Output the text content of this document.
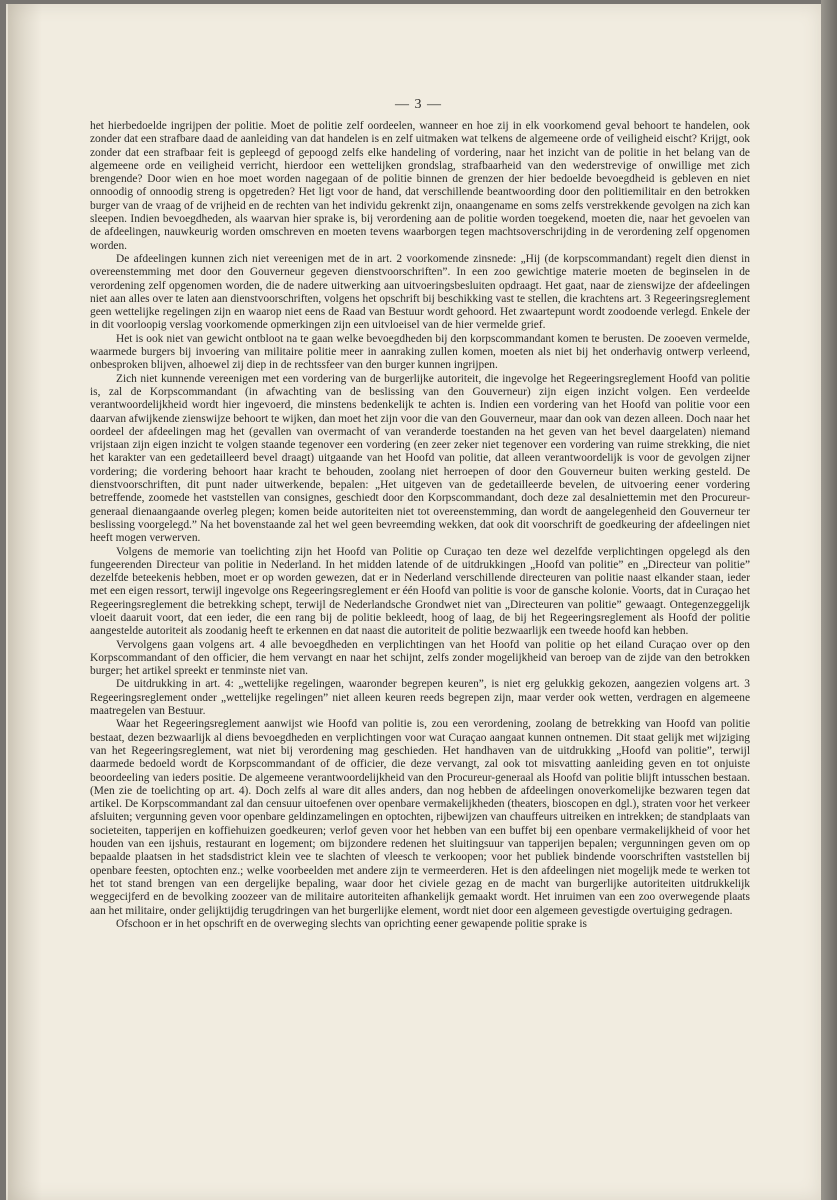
— 3 —

het hierbedoelde ingrijpen der politie. Moet de politie zelf oordeelen, wanneer en hoe zij in elk voorkomend geval behoort te handelen, ook zonder dat een strafbare daad de aanleiding van dat handelen is en zelf uitmaken wat telkens de algemeene orde of veiligheid eischt? Krijgt, ook zonder dat een strafbaar feit is gepleegd of gepoogd zelfs elke handeling of vordering, naar het inzicht van de politie in het belang van de algemeene orde en veiligheid verricht, hierdoor een wettelijken grondslag, strafbaarheid van den wederstrevige of onwillige met zich brengende? Door wien en hoe moet worden nagegaan of de politie binnen de grenzen der hier bedoelde bevoegdheid is gebleven en niet onnoodig of onnoodig streng is opgetreden? Het ligt voor de hand, dat verschillende beantwoording door den politiemilitair en den betrokken burger van de vraag of de vrijheid en de rechten van het individu gekrenkt zijn, onaangename en soms zelfs verstrekkende gevolgen na zich kan sleepen. Indien bevoegdheden, als waarvan hier sprake is, bij verordening aan de politie worden toegekend, moeten die, naar het gevoelen van de afdeelingen, nauwkeurig worden omschreven en moeten tevens waarborgen tegen machtsoverschrijding in de verordening zelf opgenomen worden.

De afdeelingen kunnen zich niet vereenigen met de in art. 2 voorkomende zinsnede: „Hij (de korpscommandant) regelt dien dienst in overeenstemming met door den Gouverneur gegeven dienstvoorschriften”. In een zoo gewichtige materie moeten de beginselen in de verordening zelf opgenomen worden, die de nadere uitwerking aan uitvoeringsbesluiten opdraagt. Het gaat, naar de zienswijze der afdeelingen niet aan alles over te laten aan dienstvoorschriften, volgens het opschrift bij beschikking vast te stellen, die krachtens art. 3 Regeeringsreglement geen wettelijke regelingen zijn en waarop niet eens de Raad van Bestuur wordt gehoord. Het zwaartepunt wordt zoodoende verlegd. Enkele der in dit voorloopig verslag voorkomende opmerkingen zijn een uitvloeisel van de hier vermelde grief.

Het is ook niet van gewicht ontbloot na te gaan welke bevoegdheden bij den korpscommandant komen te berusten. De zooeven vermelde, waarmede burgers bij invoering van militaire politie meer in aanraking zullen komen, moeten als niet bij het onderhavig ontwerp verleend, onbesproken blijven, alhoewel zij diep in de rechtssfeer van den burger kunnen ingrijpen.

Zich niet kunnende vereenigen met een vordering van de burgerlijke autoriteit, die ingevolge het Regeeringsreglement Hoofd van politie is, zal de Korpscommandant (in afwachting van de beslissing van den Gouverneur) zijn eigen inzicht volgen. Een verdeelde verantwoordelijkheid wordt hier ingevoerd, die minstens bedenkelijk te achten is. Indien een vordering van het Hoofd van politie voor een daarvan afwijkende zienswijze behoort te wijken, dan moet het zijn voor die van den Gouverneur, maar dan ook van dezen alleen. Doch naar het oordeel der afdeelingen mag het (gevallen van overmacht of van veranderde toestanden na het geven van het bevel daargelaten) niemand vrijstaan zijn eigen inzicht te volgen staande tegenover een vordering (en zeer zeker niet tegenover een vordering van ruime strekking, die niet het karakter van een gedetailleerd bevel draagt) uitgaande van het Hoofd van politie, dat alleen verantwoordelijk is voor de gevolgen zijner vordering; die vordering behoort haar kracht te behouden, zoolang niet herroepen of door den Gouverneur buiten werking gesteld. De dienstvoorschriften, dit punt nader uitwerkende, bepalen: „Het uitgeven van de gedetailleerde bevelen, de uitvoering eener vordering betreffende, zoomede het vaststellen van consignes, geschiedt door den Korpscommandant, doch deze zal desalniettemin met den Procureur-generaal dienaangaande overleg plegen; komen beide autoriteiten niet tot overeenstemming, dan wordt de aangelegenheid den Gouverneur ter beslissing voorgelegd.” Na het bovenstaande zal het wel geen bevreemding wekken, dat ook dit voorschrift de goedkeuring der afdeelingen niet heeft mogen verwerven.

Volgens de memorie van toelichting zijn het Hoofd van Politie op Curaçao ten deze wel dezelfde verplichtingen opgelegd als den fungeerenden Directeur van politie in Nederland. In het midden latende of de uitdrukkingen „Hoofd van politie” en „Directeur van politie” dezelfde beteekenis hebben, moet er op worden gewezen, dat er in Nederland verschillende directeuren van politie naast elkander staan, ieder met een eigen ressort, terwijl ingevolge ons Regeeringsreglement er één Hoofd van politie is voor de gansche kolonie. Voorts, dat in Curaçao het Regeeringsreglement die betrekking schept, terwijl de Nederlandsche Grondwet niet van „Directeuren van politie” gewaagt. Ontegenzeggelijk vloeit daaruit voort, dat een ieder, die een rang bij de politie bekleedt, hoog of laag, de bij het Regeeringsreglement als Hoofd der politie aangestelde autoriteit als zoodanig heeft te erkennen en dat naast die autoriteit de politie bezwaarlijk een tweede hoofd kan hebben.

Vervolgens gaan volgens art. 4 alle bevoegdheden en verplichtingen van het Hoofd van politie op het eiland Curaçao over op den Korpscommandant of den officier, die hem vervangt en naar het schijnt, zelfs zonder mogelijkheid van beroep van de zijde van den betrokken burger; het artikel spreekt er tenminste niet van.

De uitdrukking in art. 4: „wettelijke regelingen, waaronder begrepen keuren”, is niet erg gelukkig gekozen, aangezien volgens art. 3 Regeeringsreglement onder „wettelijke regelingen” niet alleen keuren reeds begrepen zijn, maar verder ook wetten, verdragen en algemeene maatregelen van Bestuur.

Waar het Regeeringsreglement aanwijst wie Hoofd van politie is, zou een verordening, zoolang de betrekking van Hoofd van politie bestaat, dezen bezwaarlijk al diens bevoegdheden en verplichtingen voor wat Curaçao aangaat kunnen ontnemen. Dit staat gelijk met wijziging van het Regeeringsreglement, wat niet bij verordening mag geschieden. Het handhaven van de uitdrukking „Hoofd van politie”, terwijl daarmede bedoeld wordt de Korpscommandant of de officier, die deze vervangt, zal ook tot misvatting aanleiding geven en tot onjuiste beoordeeling van ieders positie. De algemeene verantwoordelijkheid van den Procureur-generaal als Hoofd van politie blijft intusschen bestaan. (Men zie de toelichting op art. 4). Doch zelfs al ware dit alles anders, dan nog hebben de afdeelingen onoverkomelijke bezwaren tegen dat artikel. De Korpscommandant zal dan censuur uitoefenen over openbare vermakelijkheden (theaters, bioscopen en dgl.), straten voor het verkeer afsluiten; vergunning geven voor openbare geldinzamelingen en optochten, rijbewijzen van chauffeurs uitreiken en intrekken; de standplaats van societeiten, tapperijen en koffiehuizen goedkeuren; verlof geven voor het hebben van een buffet bij een openbare vermakelijkheid of voor het houden van een ijshuis, restaurant en logement; om bijzondere redenen het sluitingsuur van tapperijen bepalen; vergunningen geven om op bepaalde plaatsen in het stadsdistrict klein vee te slachten of vleesch te verkoopen; voor het publiek bindende voorschriften vaststellen bij openbare feesten, optochten enz.; welke voorbeelden met andere zijn te vermeerderen. Het is den afdeelingen niet mogelijk mede te werken tot het tot stand brengen van een dergelijke bepaling, waar door het civiele gezag en de macht van burgerlijke autoriteiten uitdrukkelijk weggecijferd en de bevolking zoozeer van de militaire autoriteiten afhankelijk gemaakt wordt. Het inruimen van een zoo overwegende plaats aan het militaire, onder gelijktijdig terugdringen van het burgerlijke element, wordt niet door een algemeen gevestigde overtuiging gedragen.

Ofschoon er in het opschrift en de overweging slechts van oprichting eener gewapende politie sprake is
